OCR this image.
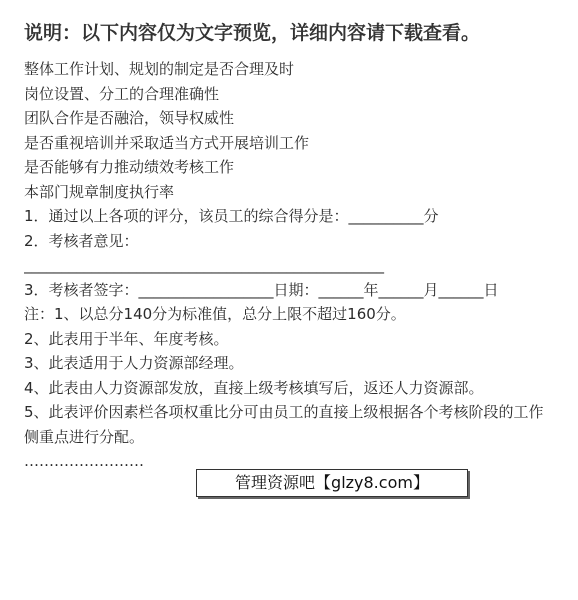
说明：以下内容仅为文字预览，详细内容请下载查看。
整体工作计划、规划的制定是否合理及时
岗位设置、分工的合理准确性
团队合作是否融洽，领导权威性
是否重视培训并采取适当方式开展培训工作
是否能够有力推动绩效考核工作
本部门规章制度执行率
1．通过以上各项的评分，该员工的综合得分是：__________分
2．考核者意见：
________________________________________________
3．考核者签字：__________________日期：______年______月______日
注：1、以总分140分为标准值，总分上限不超过160分。
2、此表用于半年、年度考核。
3、此表适用于人力资源部经理。
4、此表由人力资源部发放，直接上级考核填写后，返还人力资源部。
5、此表评价因素栏各项权重比分可由员工的直接上级根据各个考核阶段的工作侧重点进行分配。
……………………
管理资源吧【glzy8.com】
